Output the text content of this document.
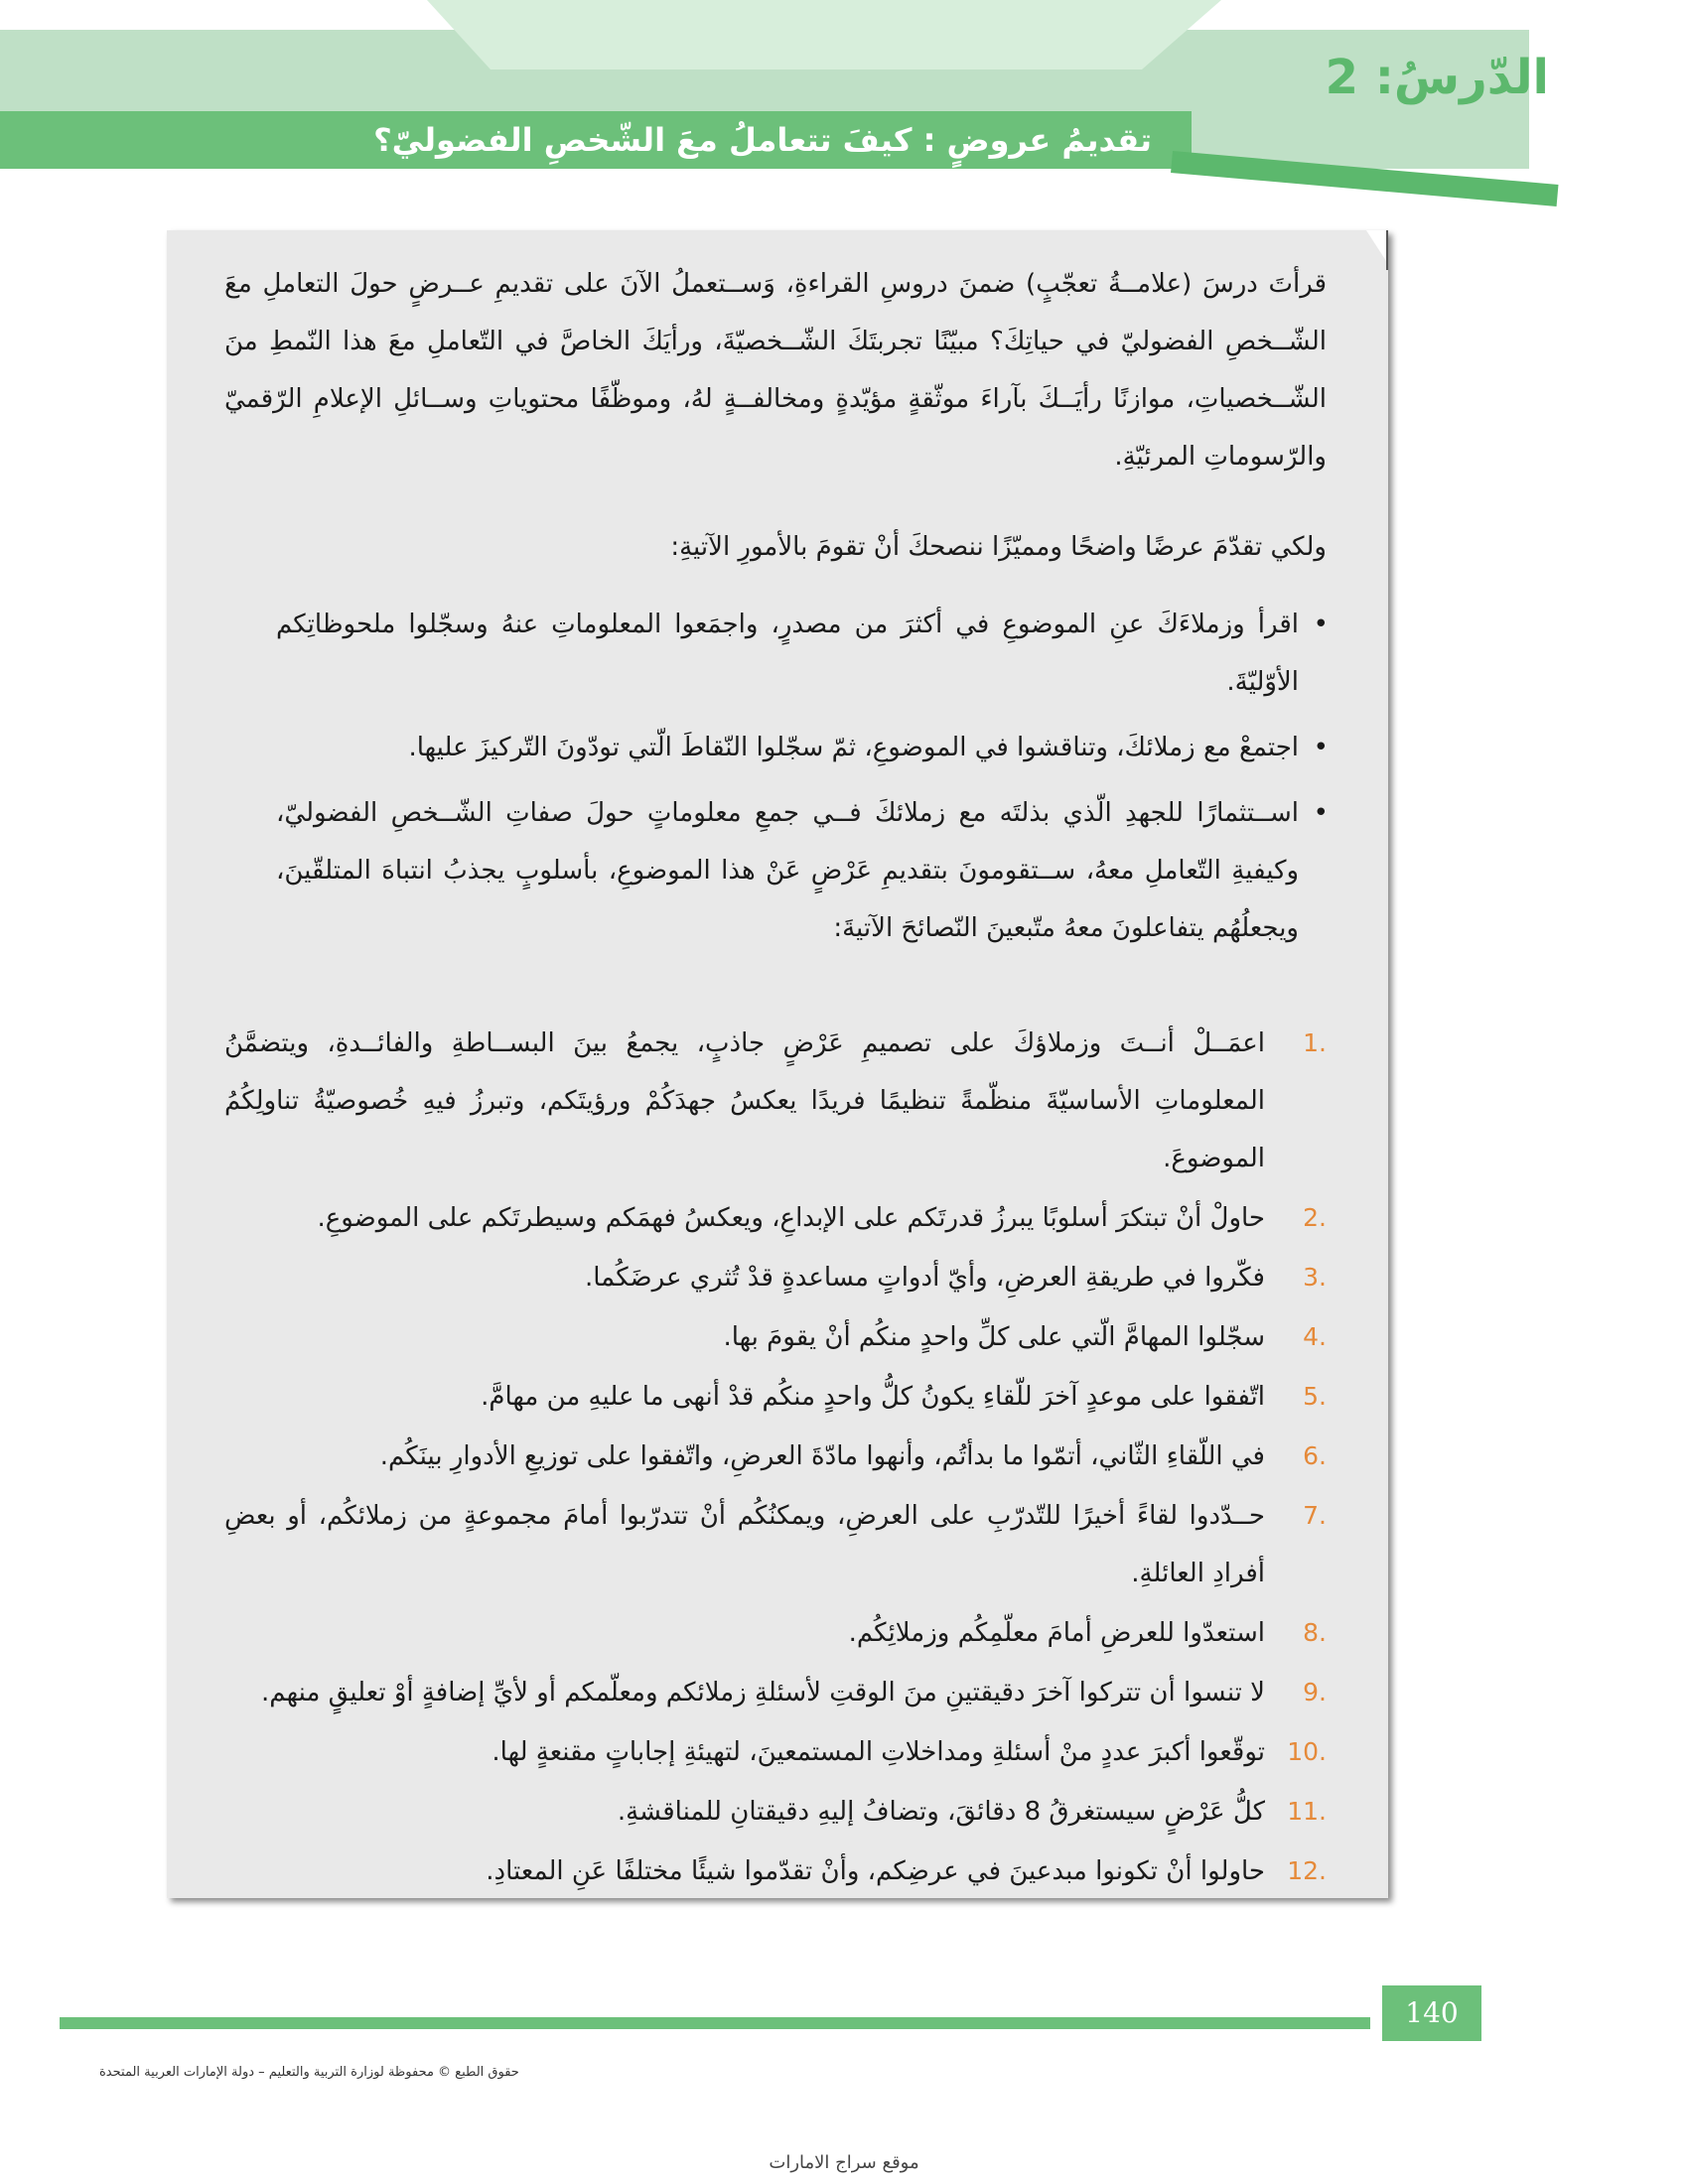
الدّرسُ: 2
تقديمُ عروضٍ : كيفَ تتعاملُ معَ الشّخصِ الفضوليّ؟
قرأتَ درسَ (علامــةُ تعجّبٍ) ضمنَ دروسِ القراءةِ، وَســتعملُ الآنَ على تقديمِ عــرضٍ حولَ التعاملِ معَ الشّــخصِ الفضوليّ في حياتِكَ؟ مبيّنًا تجربتَكَ الشّــخصيّةَ، ورأيَكَ الخاصَّ في التّعاملِ معَ هذا النّمطِ منَ الشّــخصياتِ، موازنًا رأيَــكَ بآراءَ موثّقةٍ مؤيّدةٍ ومخالفــةٍ لهُ، وموظّفًا محتوياتِ وســائلِ الإعلامِ الرّقميّ والرّسوماتِ المرئيّةِ.
ولكي تقدّمَ عرضًا واضحًا ومميّزًا ننصحكَ أنْ تقومَ بالأمورِ الآتيةِ:
• اقرأ وزملاءَكَ عنِ الموضوعِ في أكثرَ من مصدرٍ، واجمَعوا المعلوماتِ عنهُ وسجّلوا ملحوظاتِكم الأوّليّةَ.
• اجتمعْ مع زملائكَ، وتناقشوا في الموضوعِ، ثمّ سجّلوا النّقاطَ الّتي تودّونَ التّركيزَ عليها.
• اســتثمارًا للجهدِ الّذي بذلتَه مع زملائكَ فــي جمعِ معلوماتٍ حولَ صفاتِ الشّــخصِ الفضوليّ، وكيفيةِ التّعاملِ معهُ، ســتقومونَ بتقديمِ عَرْضٍ عَنْ هذا الموضوعِ، بأسلوبٍ يجذبُ انتباهَ المتلقّينَ، ويجعلُهُم يتفاعلونَ معهُ متّبعينَ النّصائحَ الآتيةَ:
1.
اعمَــلْ أنــتَ وزملاؤكَ على تصميمِ عَرْضٍ جاذبٍ، يجمعُ بينَ البســاطةِ والفائــدةِ، ويتضمَّنُ المعلوماتِ الأساسيّةَ منظّمةً تنظيمًا فريدًا يعكسُ جهدَكُمْ ورؤيتَكم، وتبرزُ فيهِ خُصوصيّةُ تناولِكُمُ الموضوعَ.
2.
حاولْ أنْ تبتكرَ أسلوبًا يبرزُ قدرتَكم على الإبداعِ، ويعكسُ فهمَكم وسيطرتَكم على الموضوعِ.
3.
فكّروا في طريقةِ العرضِ، وأيّ أدواتٍ مساعدةٍ قدْ تُثري عرضَكُما.
4.
سجّلوا المهامَّ الّتي على كلِّ واحدٍ منكُم أنْ يقومَ بها.
5.
اتّفقوا على موعدٍ آخرَ للّقاءِ يكونُ كلُّ واحدٍ منكُم قدْ أنهى ما عليهِ من مهامَّ.
6.
في اللّقاءِ الثّاني، أتمّوا ما بدأتُم، وأنهوا مادّةَ العرضِ، واتّفقوا على توزيعِ الأدوارِ بينَكُم.
7.
حــدّدوا لقاءً أخيرًا للتّدرّبِ على العرضِ، ويمكنُكُم أنْ تتدرّبوا أمامَ مجموعةٍ من زملائكُم، أو بعضِ أفرادِ العائلةِ.
8.
استعدّوا للعرضِ أمامَ معلّمِكُم وزملائِكُم.
9.
لا تنسوا أن تتركوا آخرَ دقيقتينِ منَ الوقتِ لأسئلةِ زملائكم ومعلّمكم أو لأيِّ إضافةٍ أوْ تعليقٍ منهم.
10.
توقّعوا أكبرَ عددٍ منْ أسئلةِ ومداخلاتِ المستمعينَ، لتهيئةِ إجاباتٍ مقنعةٍ لها.
11.
كلُّ عَرْضٍ سيستغرقُ 8 دقائقَ، وتضافُ إليهِ دقيقتانِ للمناقشةِ.
12.
حاولوا أنْ تكونوا مبدعينَ في عرضِكم، وأنْ تقدّموا شيئًا مختلفًا عَنِ المعتادِ.
140
حقوق الطبع © محفوظة لوزارة التربية والتعليم – دولة الإمارات العربية المتحدة
موقع سراج الامارات
